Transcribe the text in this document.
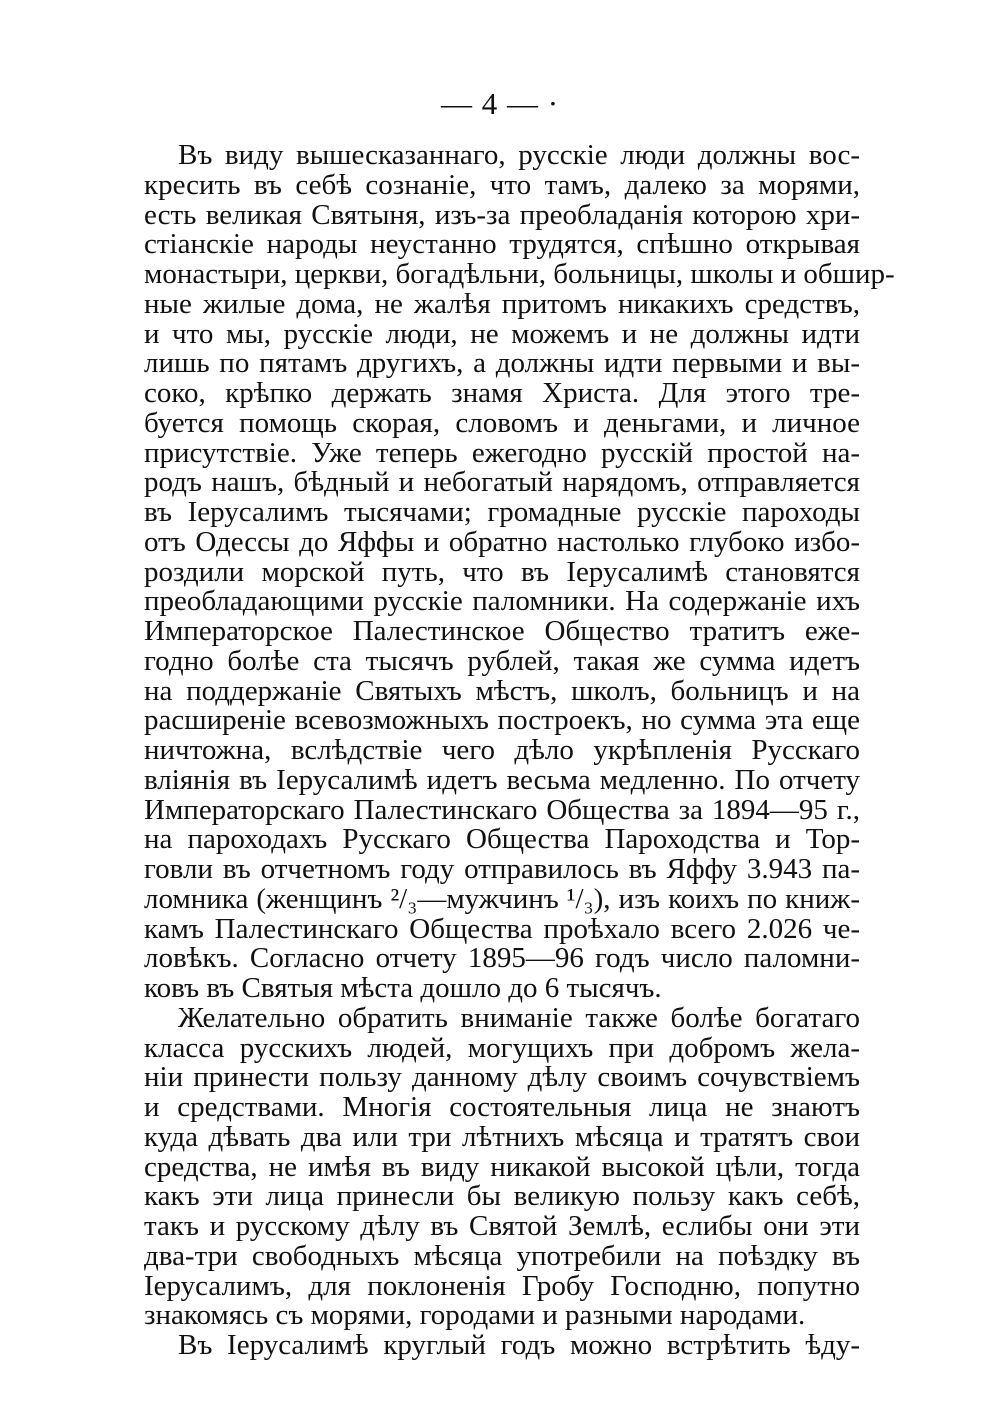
— 4 — ·
Въ виду вышесказаннаго, русскіе люди должны вос-
кресить въ себѣ сознаніе, что тамъ, далеко за морями,
есть великая Святыня, изъ-за преобладанія которою хри-
стіанскіе народы неустанно трудятся, спѣшно открывая
монастыри, церкви, богадѣльни, больницы, школы и обшир-
ные жилые дома, не жалѣя притомъ никакихъ средствъ,
и что мы, русскіе люди, не можемъ и не должны идти
лишь по пятамъ другихъ, а должны идти первыми и вы-
соко, крѣпко держать знамя Христа. Для этого тре-
буется помощь скорая, словомъ и деньгами, и личное
присутствіе. Уже теперь ежегодно русскій простой на-
родъ нашъ, бѣдный и небогатый нарядомъ, отправляется
въ Іерусалимъ тысячами; громадные русскіе пароходы
отъ Одессы до Яффы и обратно настолько глубоко избо-
роздили морской путь, что въ Іерусалимѣ становятся
преобладающими русскіе паломники. На содержаніе ихъ
Императорское Палестинское Общество тратитъ еже-
годно болѣе ста тысячъ рублей, такая же сумма идетъ
на поддержаніе Святыхъ мѣстъ, школъ, больницъ и на
расширеніе всевозможныхъ построекъ, но сумма эта еще
ничтожна, вслѣдствіе чего дѣло укрѣпленія Русскаго
вліянія въ Іерусалимѣ идетъ весьма медленно. По отчету
Императорскаго Палестинскаго Общества за 1894—95 г.,
на пароходахъ Русскаго Общества Пароходства и Тор-
говли въ отчетномъ году отправилось въ Яффу 3.943 па-
ломника (женщинъ ²/₃—мужчинъ ¹/₃), изъ коихъ по книж-
камъ Палестинскаго Общества проѣхало всего 2.026 че-
ловѣкъ. Согласно отчету 1895—96 годъ число паломни-
ковъ въ Святыя мѣста дошло до 6 тысячъ.
Желательно обратить вниманіе также болѣе богатаго
класса русскихъ людей, могущихъ при добромъ жела-
ніи принести пользу данному дѣлу своимъ сочувствіемъ
и средствами. Многія состоятельныя лица не знаютъ
куда дѣвать два или три лѣтнихъ мѣсяца и тратятъ свои
средства, не имѣя въ виду никакой высокой цѣли, тогда
какъ эти лица принесли бы великую пользу какъ себѣ,
такъ и русскому дѣлу въ Святой Землѣ, еслибы они эти
два-три свободныхъ мѣсяца употребили на поѣздку въ
Іерусалимъ, для поклоненія Гробу Господню, попутно
знакомясь съ морями, городами и разными народами.
Въ Іерусалимѣ круглый годъ можно встрѣтить ѣду-
